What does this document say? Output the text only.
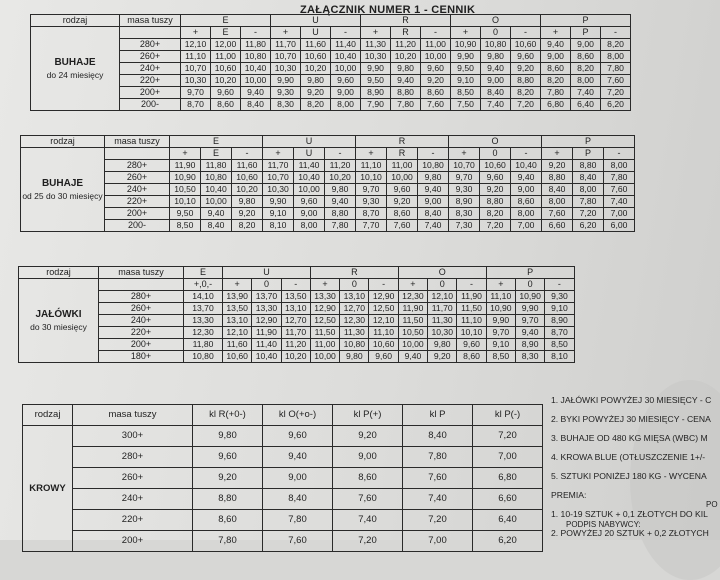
ZAŁĄCZNIK NUMER 1 - CENNIK
rodzaj	masa tuszy	E			U			R			O			P		
BUHAJE
do 24 miesięcy		+	E	-	+	U	-	+	R	-	+	0	-	+	P	-
	280+	12,10	12,00	11,80	11,70	11,60	11,40	11,30	11,20	11,00	10,90	10,80	10,60	9,40	9,00	8,20
	260+	11,10	11,00	10,80	10,70	10,60	10,40	10,30	10,20	10,00	9,90	9,80	9,60	9,00	8,60	8,00
	240+	10,70	10,60	10,40	10,30	10,20	10,00	9,90	9,80	9,60	9,50	9,40	9,20	8,60	8,20	7,80
	220+	10,30	10,20	10,00	9,90	9,80	9,60	9,50	9,40	9,20	9,10	9,00	8,80	8,20	8,00	7,60
	200+	9,70	9,60	9,40	9,30	9,20	9,00	8,90	8,80	8,60	8,50	8,40	8,20	7,80	7,40	7,20
	200-	8,70	8,60	8,40	8,30	8,20	8,00	7,90	7,80	7,60	7,50	7,40	7,20	6,80	6,40	6,20
rodzaj	masa tuszy	E			U			R			O			P		
BUHAJE
od 25 do 30 miesięcy		+	E	-	+	U	-	+	R	-	+	0	-	+	P	-
	280+	11,90	11,80	11,60	11,70	11,40	11,20	11,10	11,00	10,80	10,70	10,60	10,40	9,20	8,80	8,00
	260+	10,90	10,80	10,60	10,70	10,40	10,20	10,10	10,00	9,80	9,70	9,60	9,40	8,80	8,40	7,80
	240+	10,50	10,40	10,20	10,30	10,00	9,80	9,70	9,60	9,40	9,30	9,20	9,00	8,40	8,00	7,60
	220+	10,10	10,00	9,80	9,90	9,60	9,40	9,30	9,20	9,00	8,90	8,80	8,60	8,00	7,80	7,40
	200+	9,50	9,40	9,20	9,10	9,00	8,80	8,70	8,60	8,40	8,30	8,20	8,00	7,60	7,20	7,00
	200-	8,50	8,40	8,20	8,10	8,00	7,80	7,70	7,60	7,40	7,30	7,20	7,00	6,60	6,20	6,00
rodzaj	masa tuszy	E	U			R			O			P		
JAŁÓWKI
do 30 miesięcy		+,0,-	+	0	-	+	0	-	+	0	-	+	0	-
	280+	14,10	13,90	13,70	13,50	13,30	13,10	12,90	12,30	12,10	11,90	11,10	10,90	9,30
	260+	13,70	13,50	13,30	13,10	12,90	12,70	12,50	11,90	11,70	11,50	10,90	9,90	9,10
	240+	13,30	13,10	12,90	12,70	12,50	12,30	12,10	11,50	11,30	11,10	9,90	9,70	8,90
	220+	12,30	12,10	11,90	11,70	11,50	11,30	11,10	10,50	10,30	10,10	9,70	9,40	8,70
	200+	11,80	11,60	11,40	11,20	11,00	10,80	10,60	10,00	9,80	9,60	9,10	8,90	8,50
	180+	10,80	10,60	10,40	10,20	10,00	9,80	9,60	9,40	9,20	8,60	8,50	8,30	8,10
rodzaj	masa tuszy	kl R(+0-)	kl O(+o-)	kl P(+)	kl P	kl P(-)
KROWY	300+	9,80	9,60	9,20	8,40	7,20
	280+	9,60	9,40	9,00	7,80	7,00
	260+	9,20	9,00	8,60	7,60	6,80
	240+	8,80	8,40	7,60	7,40	6,60
	220+	8,60	7,80	7,40	7,20	6,40
	200+	7,80	7,60	7,20	7,00	6,20
1. JAŁÓWKI POWYŻEJ 30 MIESIĘCY - C
2. BYKI POWYŻEJ 30 MIESIĘCY - CENA
3. BUHAJE OD 480 KG MIĘSA (WBC) M
4. KROWA BLUE (OTŁUSZCZENIE 1+/-
5. SZTUKI PONIŻEJ 180 KG - WYCENA
PREMIA:
1. 10-19 SZTUK + 0,1 ZŁOTYCH DO KIL
2. POWYŻEJ 20 SZTUK + 0,2 ZŁOTYCH
PODPIS NABYWCY:
PO
